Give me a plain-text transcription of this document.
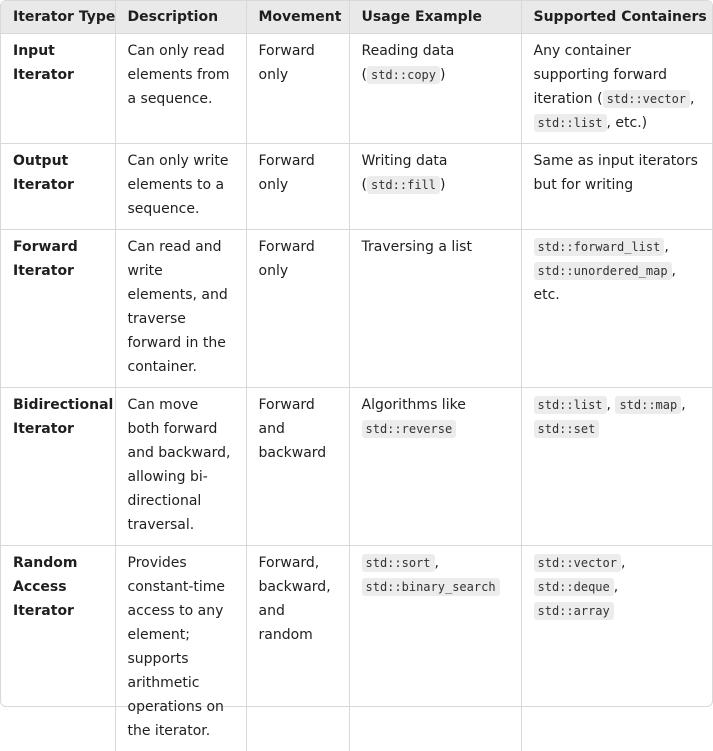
Iterator Type	Description	Movement	Usage Example	Supported Containers
Input Iterator	Can only read elements from a sequence.	Forward only	Reading data ( std::copy )	Any container supporting forward iteration ( std::vector , std::list , etc.)
Output Iterator	Can only write elements to a sequence.	Forward only	Writing data ( std::fill )	Same as input iterators but for writing
Forward Iterator	Can read and write elements, and traverse forward in the container.	Forward only	Traversing a list	std::forward_list , std::unordered_map , etc.
Bidirectional Iterator	Can move both forward and backward, allowing bi-directional traversal.	Forward and backward	Algorithms like std::reverse	std::list , std::map , std::set
Random Access Iterator	Provides constant-time access to any element; supports arithmetic operations on the iterator.	Forward, backward, and random	std::sort , std::binary_search	std::vector , std::deque , std::array
